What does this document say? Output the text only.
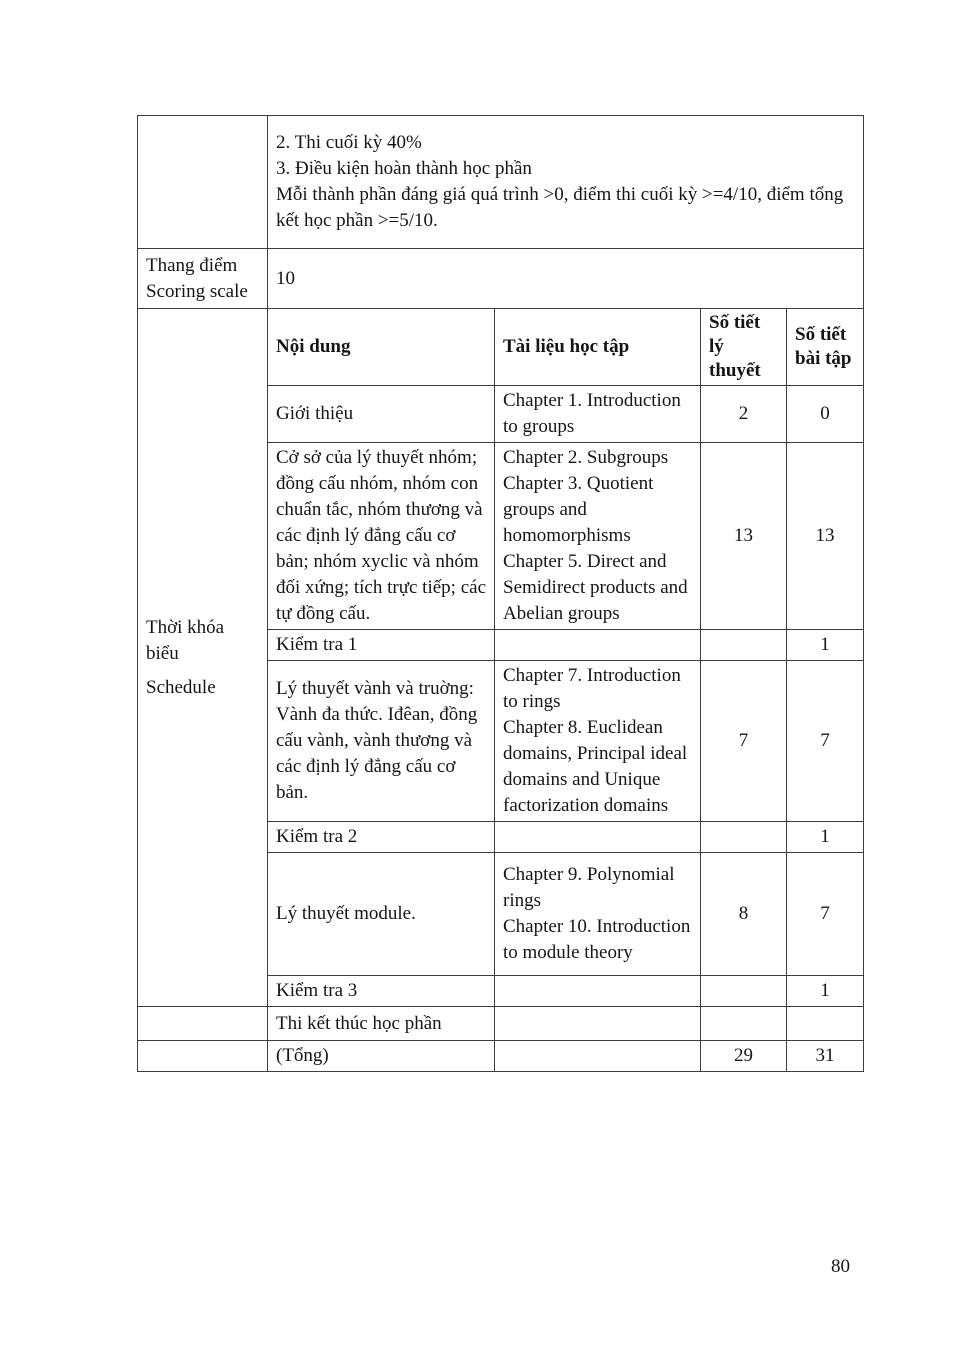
	2. Thi cuối kỳ 40%
3. Điều kiện hoàn thành học phần
Mỗi thành phần đáng giá quá trình >0, điểm thi cuối kỳ >=4/10, điểm tổng kết học phần >=5/10.			

Thang điểm
Scoring scale	10			

Thời khóa biểu
Schedule	Nội dung	Tài liệu học tập	Số tiết lý thuyết	Số tiết bài tập
	Giới thiệu	Chapter 1. Introduction to groups	2	0
	Cở sở của lý thuyết nhóm; đồng cấu nhóm, nhóm con chuẩn tắc, nhóm thương và các định lý đẳng cấu cơ bản; nhóm xyclic và nhóm đối xứng; tích trực tiếp; các tự đồng cấu.	Chapter 2. Subgroups
Chapter 3. Quotient groups and homomorphisms
Chapter 5. Direct and Semidirect products and Abelian groups	13	13
	Kiểm tra 1			1
	Lý thuyết vành và truờng: Vành đa thức. Iđêan, đồng cấu vành, vành thương và các định lý đẳng cấu cơ bản.	Chapter 7. Introduction to rings
Chapter 8. Euclidean domains, Principal ideal domains and Unique factorization domains	7	7
	Kiểm tra 2			1
	Lý thuyết module.	Chapter 9. Polynomial rings
Chapter 10. Introduction to module theory	8	7
	Kiểm tra 3			1
	Thi kết thúc học phần			
	(Tổng)		29	31
80
